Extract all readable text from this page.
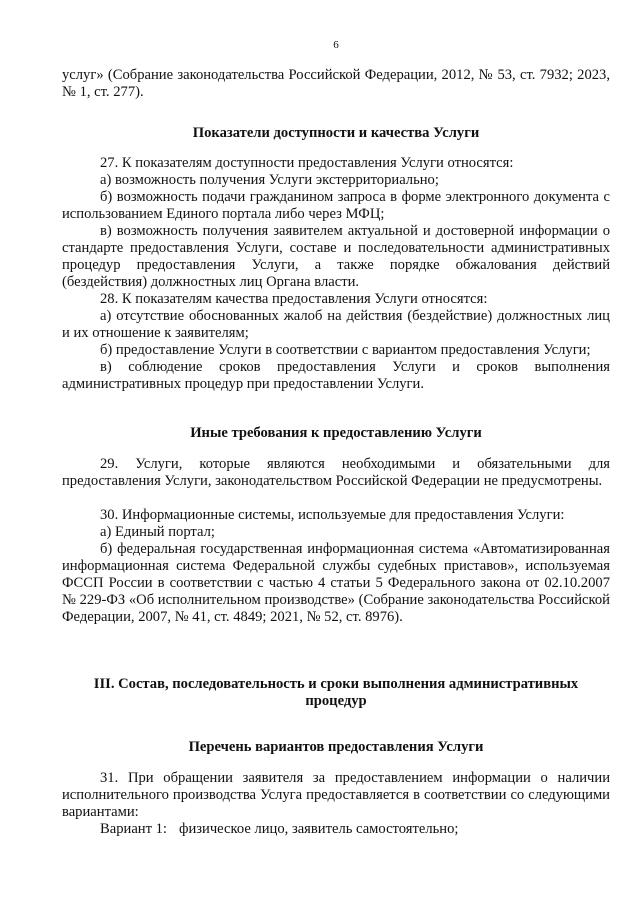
6

услуг» (Собрание законодательства Российской Федерации, 2012, № 53, ст. 7932; 2023, № 1, ст. 277).

Показатели доступности и качества Услуги

27. К показателям доступности предоставления Услуги относятся:

а) возможность получения Услуги экстерриториально;

б) возможность подачи гражданином запроса в форме электронного документа с использованием Единого портала либо через МФЦ;

в) возможность получения заявителем актуальной и достоверной информации о стандарте предоставления Услуги, составе и последовательности административных процедур предоставления Услуги, а также порядке обжалования действий (бездействия) должностных лиц Органа власти.

28. К показателям качества предоставления Услуги относятся:

а) отсутствие обоснованных жалоб на действия (бездействие) должностных лиц и их отношение к заявителям;

б) предоставление Услуги в соответствии с вариантом предоставления Услуги;

в) соблюдение сроков предоставления Услуги и сроков выполнения административных процедур при предоставлении Услуги.

Иные требования к предоставлению Услуги

29. Услуги, которые являются необходимыми и обязательными для предоставления Услуги, законодательством Российской Федерации не предусмотрены.

30. Информационные системы, используемые для предоставления Услуги:

а) Единый портал;

б) федеральная государственная информационная система «Автоматизированная информационная система Федеральной службы судебных приставов», используемая ФССП России в соответствии с частью 4 статьи 5 Федерального закона от 02.10.2007 № 229-ФЗ «Об исполнительном производстве» (Собрание законодательства Российской Федерации, 2007, № 41, ст. 4849; 2021, № 52, ст. 8976).

III. Состав, последовательность и сроки выполнения административных
процедур
Перечень вариантов предоставления Услуги

31. При обращении заявителя за предоставлением информации о наличии исполнительного производства Услуга предоставляется в соответствии со следующими вариантами:

Вариант 1: физическое лицо, заявитель самостоятельно;
